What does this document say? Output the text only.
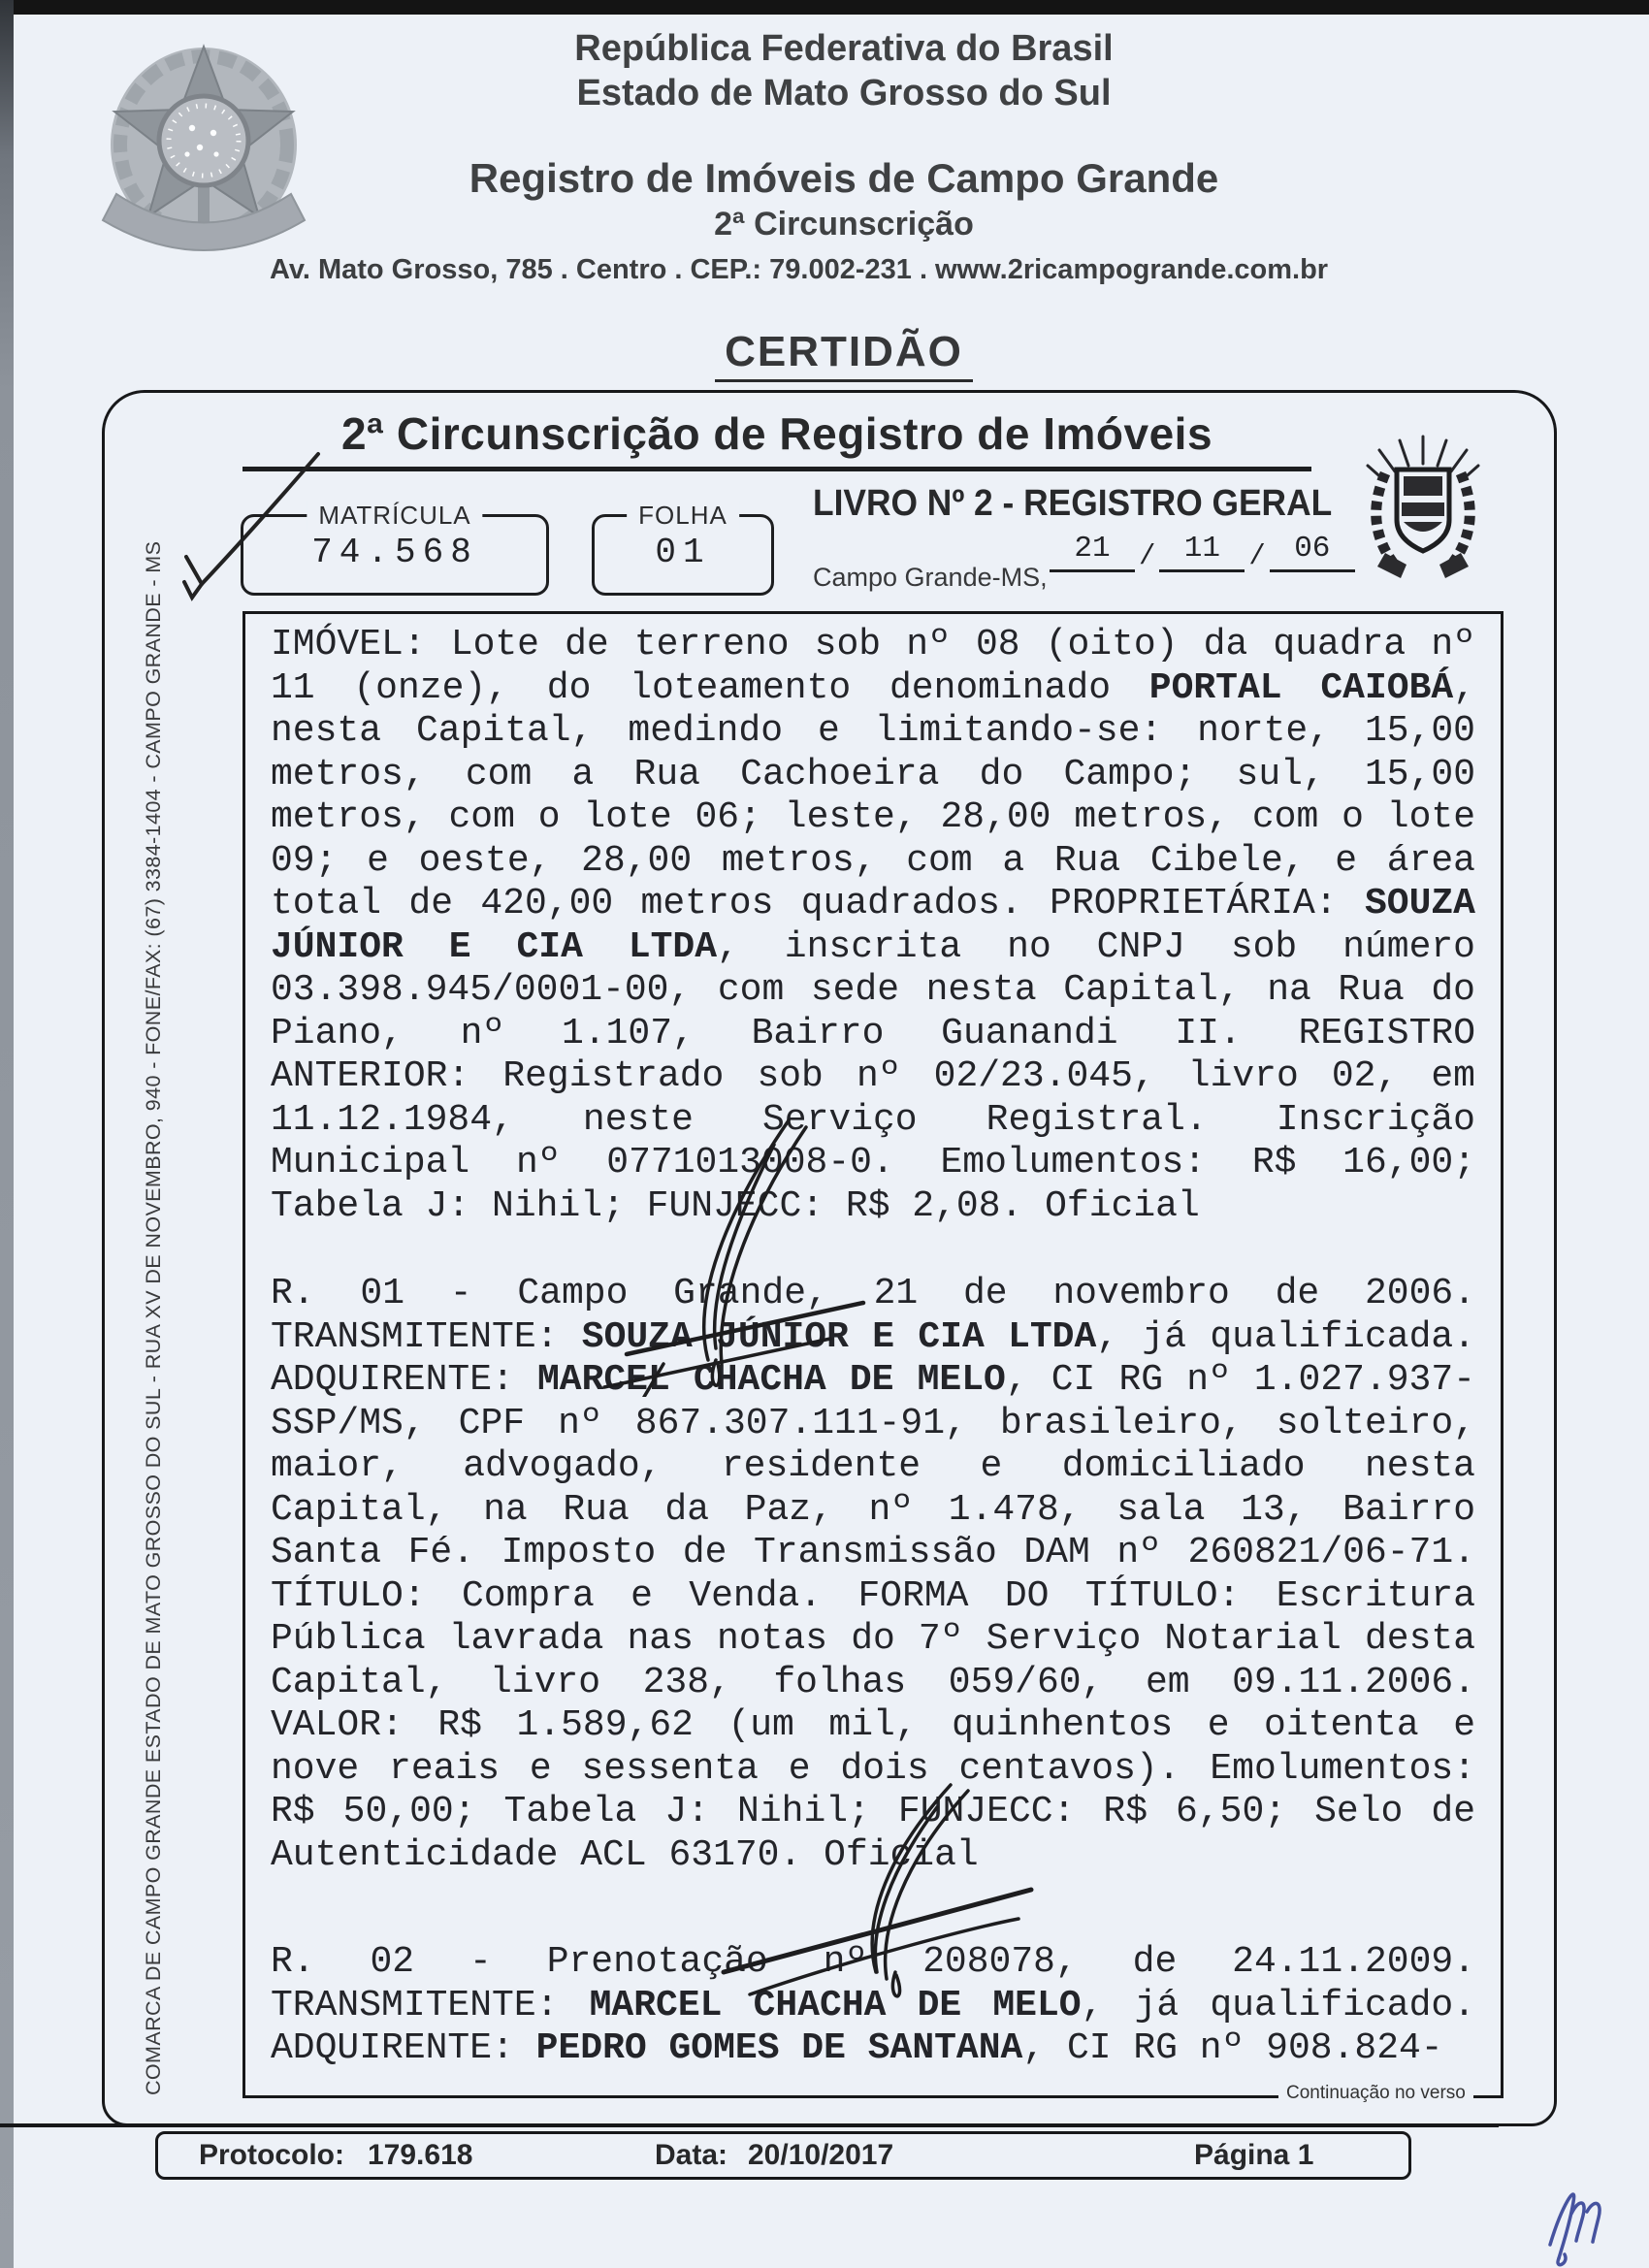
República Federativa do Brasil
Estado de Mato Grosso do Sul
Registro de Imóveis de Campo Grande
2ª Circunscrição
Av. Mato Grosso, 785 . Centro . CEP.: 79.002-231 . www.2ricampogrande.com.br
CERTIDÃO
2ª Circunscrição de Registro de Imóveis
MATRÍCULA
74.568
FOLHA
01
LIVRO Nº 2 - REGISTRO GERAL
Campo Grande-MS,
21	/ 11	/ 06
COMARCA DE CAMPO GRANDE ESTADO DE MATO GROSSO DO SUL - RUA XV DE NOVEMBRO, 940 - FONE/FAX: (67) 3384-1404 - CAMPO GRANDE - MS	IMÓVEL: Lote de terreno sob nº 08 (oito) da quadra nº 11 (onze), do loteamento denominado PORTAL CAIOBÁ, nesta Capital, medindo e limitando-se: norte, 15,00 metros, com a Rua Cachoeira do Campo; sul, 15,00 metros, com o lote 06; leste, 28,00 metros, com o lote 09; e oeste, 28,00 metros, com a Rua Cibele, e área total de 420,00 metros quadrados. PROPRIETÁRIA: SOUZA JÚNIOR E CIA LTDA, inscrita no CNPJ sob número 03.398.945/0001-00, com sede nesta Capital, na Rua do Piano, nº 1.107, Bairro Guanandi II. REGISTRO ANTERIOR: Registrado sob nº 02/23.045, livro 02, em 11.12.1984, neste Serviço Registral. Inscrição Municipal nº 0771013008-0. Emolumentos: R$ 16,00; Tabela J: Nihil; FUNJECC: R$ 2,08. Oficial

R. 01 - Campo Grande, 21 de novembro de 2006. TRANSMITENTE: SOUZA JÚNIOR E CIA LTDA, já qualificada. ADQUIRENTE: MARCEL CHACHA DE MELO, CI RG nº 1.027.937-SSP/MS, CPF nº 867.307.111-91, brasileiro, solteiro, maior, advogado, residente e domiciliado nesta Capital, na Rua da Paz, nº 1.478, sala 13, Bairro Santa Fé. Imposto de Transmissão DAM nº 260821/06-71. TÍTULO: Compra e Venda. FORMA DO TÍTULO: Escritura Pública lavrada nas notas do 7º Serviço Notarial desta Capital, livro 238, folhas 059/60, em 09.11.2006. VALOR: R$ 1.589,62 (um mil, quinhentos e oitenta e nove reais e sessenta e dois centavos). Emolumentos: R$ 50,00; Tabela J: Nihil; FUNJECC: R$ 6,50; Selo de Autenticidade ACL 63170. Oficial

R. 02 - Prenotação nº 208078, de 24.11.2009. TRANSMITENTE: MARCEL CHACHA DE MELO, já qualificado. ADQUIRENTE: PEDRO GOMES DE SANTANA, CI RG nº 908.824-

Continuação no verso
Protocolo: 179.618	Data: 20/10/2017	Página 1
